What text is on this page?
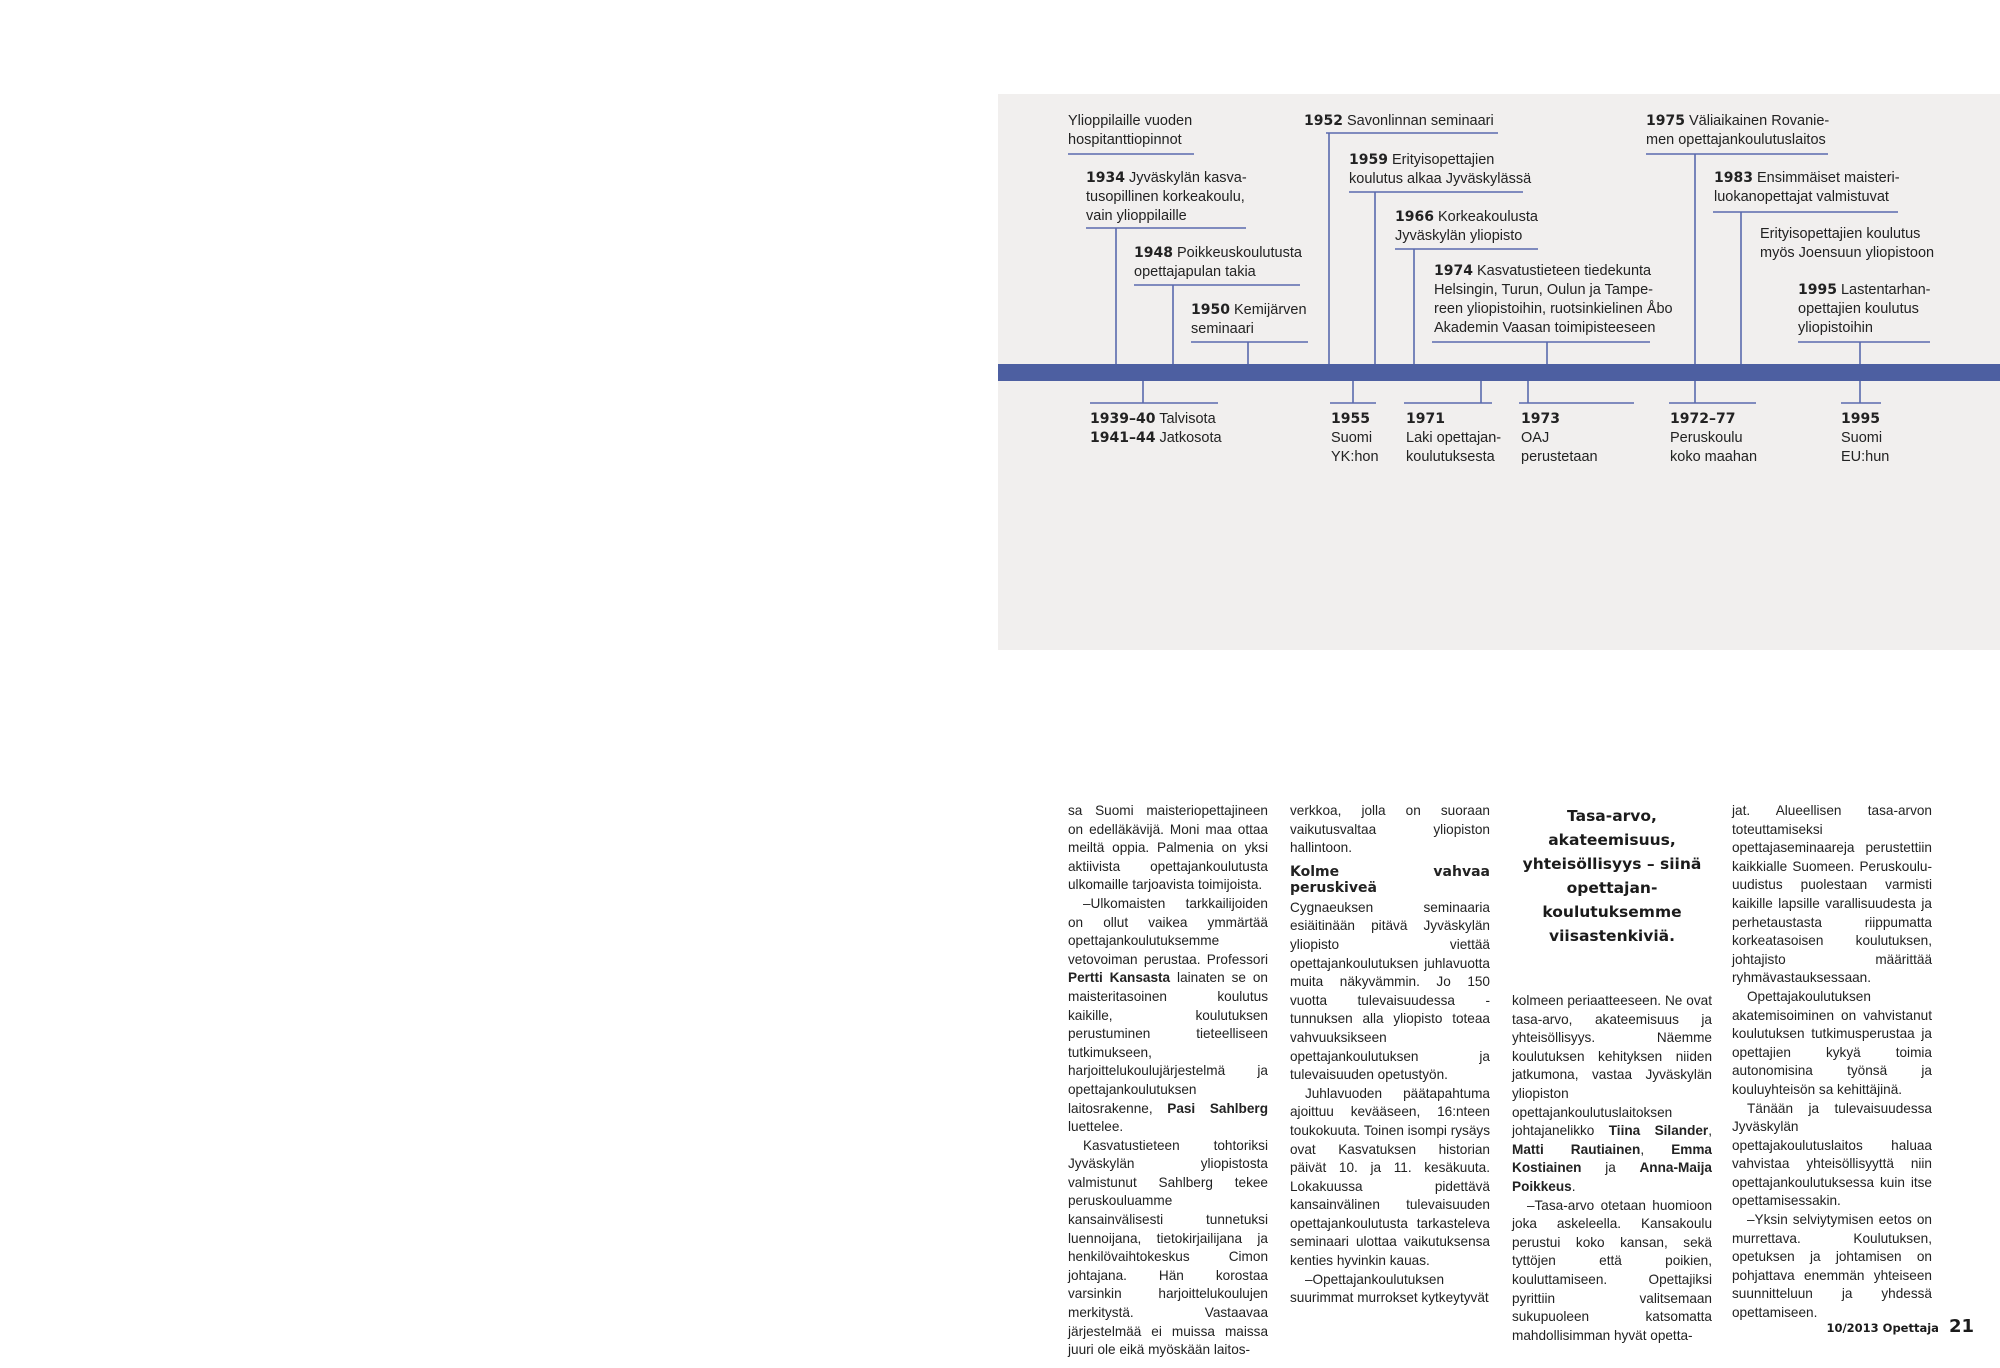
Ylioppilaille vuoden
hospitanttiopinnot
1934 Jyväskylän kasva-
tusopillinen korkeakoulu,
vain ylioppilaille
1948 Poikkeuskoulutusta
opettajapulan takia
1950 Kemijärven
seminaari
1952 Savonlinnan seminaari
1959 Erityisopettajien
koulutus alkaa Jyväskylässä
1966 Korkeakoulusta
Jyväskylän yliopisto
1974 Kasvatustieteen tiedekunta
Helsingin, Turun, Oulun ja Tampe-
reen yliopistoihin, ruotsinkielinen Åbo
Akademin Vaasan toimipisteeseen
1975 Väliaikainen Rovanie-
men opettajankoulutuslaitos
1983 Ensimmäiset maisteri-
luokanopettajat valmistuvat
Erityisopettajien koulutus
myös Joensuun yliopistoon
1995 Lastentarhan-
opettajien koulutus
yliopistoihin
1939–40 Talvisota
1941–44 Jatkosota
1955
Suomi
YK:hon
1971
Laki opettajan-
koulutuksesta
1973
OAJ
perustetaan
1972–77
Peruskoulu
koko maahan
1995
Suomi
EU:hun

sa Suomi maisteriopettajineen on edelläkävijä. Moni maa ottaa meiltä oppia. Palmenia on yksi aktiivista opettajankoulutusta ulkomaille tarjoavista toimijoista.

–Ulkomaisten tarkkailijoiden on ollut vaikea ymmärtää opettajankoulutuksemme vetovoiman perustaa. Professori Pertti Kansasta lainaten se on maisteritasoinen koulutus kaikille, koulutuksen perustuminen tieteelliseen tutkimukseen, harjoittelukoulujärjestelmä ja opettajankoulutuksen laitosrakenne, Pasi Sahlberg luettelee.

Kasvatustieteen tohtoriksi Jyväskylän yliopistosta valmistunut Sahlberg tekee peruskouluamme kansainvälisesti tunnetuksi luennoijana, tietokirjailijana ja henkilövaihtokeskus Cimon johtajana. Hän korostaa varsinkin harjoittelukoulujen merkitystä. Vastaavaa järjestelmää ei muissa maissa juuri ole eikä myöskään laitos-

verkkoa, jolla on suoraan vaikutusvaltaa yliopiston hallintoon.

Kolme vahvaa peruskiveä

Cygnaeuksen seminaaria esiäitinään pitävä Jyväskylän yliopisto viettää opettajankoulutuksen juhlavuotta muita näkyvämmin. Jo 150 vuotta tulevaisuudessa -tunnuksen alla yliopisto toteaa vahvuuksikseen opettajankoulutuksen ja tulevaisuuden opetustyön.

Juhlavuoden päätapahtuma ajoittuu kevääseen, 16:nteen toukokuuta. Toinen isompi rysäys ovat Kasvatuksen historian päivät 10. ja 11. kesäkuuta. Lokakuussa pidettävä kansainvälinen tulevaisuuden opettajankoulutusta tarkasteleva seminaari ulottaa vaikutuksensa kenties hyvinkin kauas.

–Opettajankoulutuksen suurimmat murrokset kytkeytyvät

Tasa-arvo, akateemisuus, yhteisöllisyys – siinä opettajankoulutuksemme viisastenkiviä.

kolmeen periaatteeseen. Ne ovat tasa-arvo, akateemisuus ja yhteisöllisyys. Näemme koulutuksen kehityksen niiden jatkumona, vastaa Jyväskylän yliopiston opettajankoulutuslaitoksen johtajanelikko Tiina Silander, Matti Rautiainen, Emma Kostiainen ja Anna-Maija Poikkeus.

–Tasa-arvo otetaan huomioon joka askeleella. Kansakoulu perustui koko kansan, sekä tyttöjen että poikien, kouluttamiseen. Opettajiksi pyrittiin valitsemaan sukupuoleen katsomatta mahdollisimman hyvät opetta-

jat. Alueellisen tasa-arvon toteuttamiseksi opettajaseminaareja perustettiin kaikkialle Suomeen. Peruskoulu-uudistus puolestaan varmisti kaikille lapsille varallisuudesta ja perhetaustasta riippumatta korkeatasoisen koulutuksen, johtajisto määrittää ryhmävastauksessaan.

Opettajakoulutuksen akatemisoiminen on vahvistanut koulutuksen tutkimusperustaa ja opettajien kykyä toimia autonomisina työnsä ja kouluyhteisön sa kehittäjinä.

Tänään ja tulevaisuudessa Jyväskylän opettajakoulutuslaitos haluaa vahvistaa yhteisöllisyyttä niin opettajankoulutuksessa kuin itse opettamisessakin.

–Yksin selviytymisen eetos on murrettava. Koulutuksen, opetuksen ja johtamisen on pohjattava enemmän yhteiseen suunnitteluun ja yhdessä opettamiseen.

10/2013 Opettaja 21
